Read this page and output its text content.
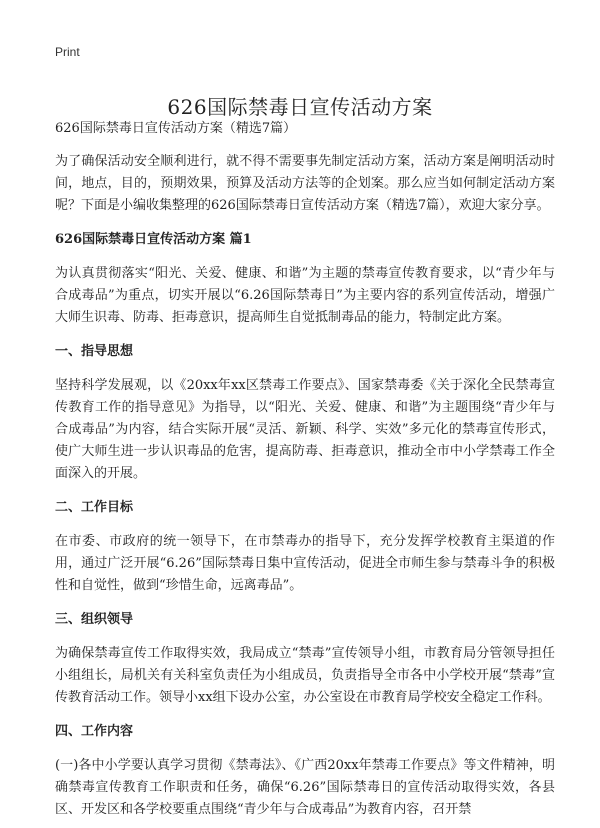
Print
626国际禁毒日宣传活动方案
626国际禁毒日宣传活动方案（精选7篇）

为了确保活动安全顺利进行，就不得不需要事先制定活动方案，活动方案是阐明活动时间，地点，目的，预期效果，预算及活动方法等的企划案。那么应当如何制定活动方案呢？下面是小编收集整理的626国际禁毒日宣传活动方案（精选7篇），欢迎大家分享。

626国际禁毒日宣传活动方案 篇1

为认真贯彻落实“阳光、关爱、健康、和谐”为主题的禁毒宣传教育要求，以“青少年与合成毒品”为重点，切实开展以“6.26国际禁毒日”为主要内容的系列宣传活动，增强广大师生识毒、防毒、拒毒意识，提高师生自觉抵制毒品的能力，特制定此方案。

一、指导思想

坚持科学发展观，以《20xx年xx区禁毒工作要点》、国家禁毒委《关于深化全民禁毒宣传教育工作的指导意见》为指导，以“阳光、关爱、健康、和谐”为主题围绕“青少年与合成毒品”为内容，结合实际开展“灵活、新颖、科学、实效”多元化的禁毒宣传形式，使广大师生进一步认识毒品的危害，提高防毒、拒毒意识，推动全市中小学禁毒工作全面深入的开展。

二、工作目标

在市委、市政府的统一领导下，在市禁毒办的指导下，充分发挥学校教育主渠道的作用，通过广泛开展“6.26”国际禁毒日集中宣传活动，促进全市师生参与禁毒斗争的积极性和自觉性，做到“珍惜生命，远离毒品”。

三、组织领导

为确保禁毒宣传工作取得实效，我局成立“禁毒”宣传领导小组，市教育局分管领导担任小组组长，局机关有关科室负责任为小组成员，负责指导全市各中小学校开展“禁毒”宣传教育活动工作。领导小xx组下设办公室，办公室设在市教育局学校安全稳定工作科。

四、工作内容

(一)各中小学要认真学习贯彻《禁毒法》、《广西20xx年禁毒工作要点》等文件精神，明确禁毒宣传教育工作职责和任务，确保“6.26”国际禁毒日的宣传活动取得实效，各县区、开发区和各学校要重点围绕“青少年与合成毒品”为教育内容，召开禁
